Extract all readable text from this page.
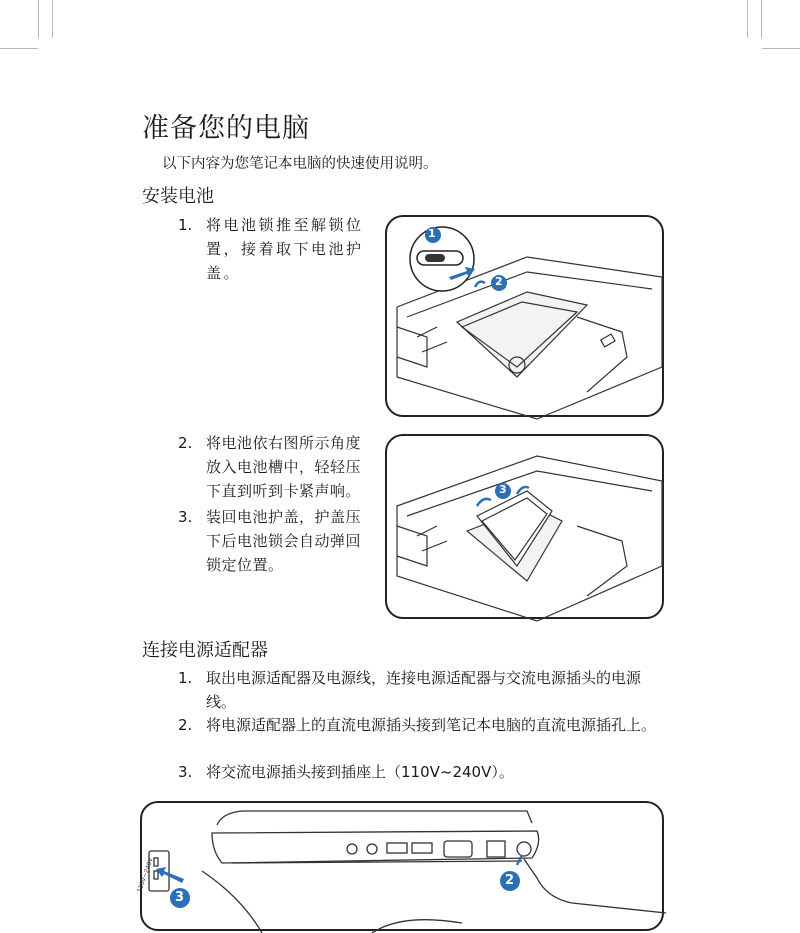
准备您的电脑
以下内容为您笔记本电脑的快速使用说明。
安装电池
1. 将电池锁推至解锁位置，接着取下电池护盖。
2. 将电池依右图所示角度放入电池槽中，轻轻压下直到听到卡紧声响。
3. 装回电池护盖，护盖压下后电池锁会自动弹回锁定位置。
1
2
3
连接电源适配器
1. 取出电源适配器及电源线，连接电源适配器与交流电源插头的电源线。
2. 将电源适配器上的直流电源插头接到笔记本电脑的直流电源插孔上。
3. 将交流电源插头接到插座上（110V~240V）。
2
3
110V~240V
